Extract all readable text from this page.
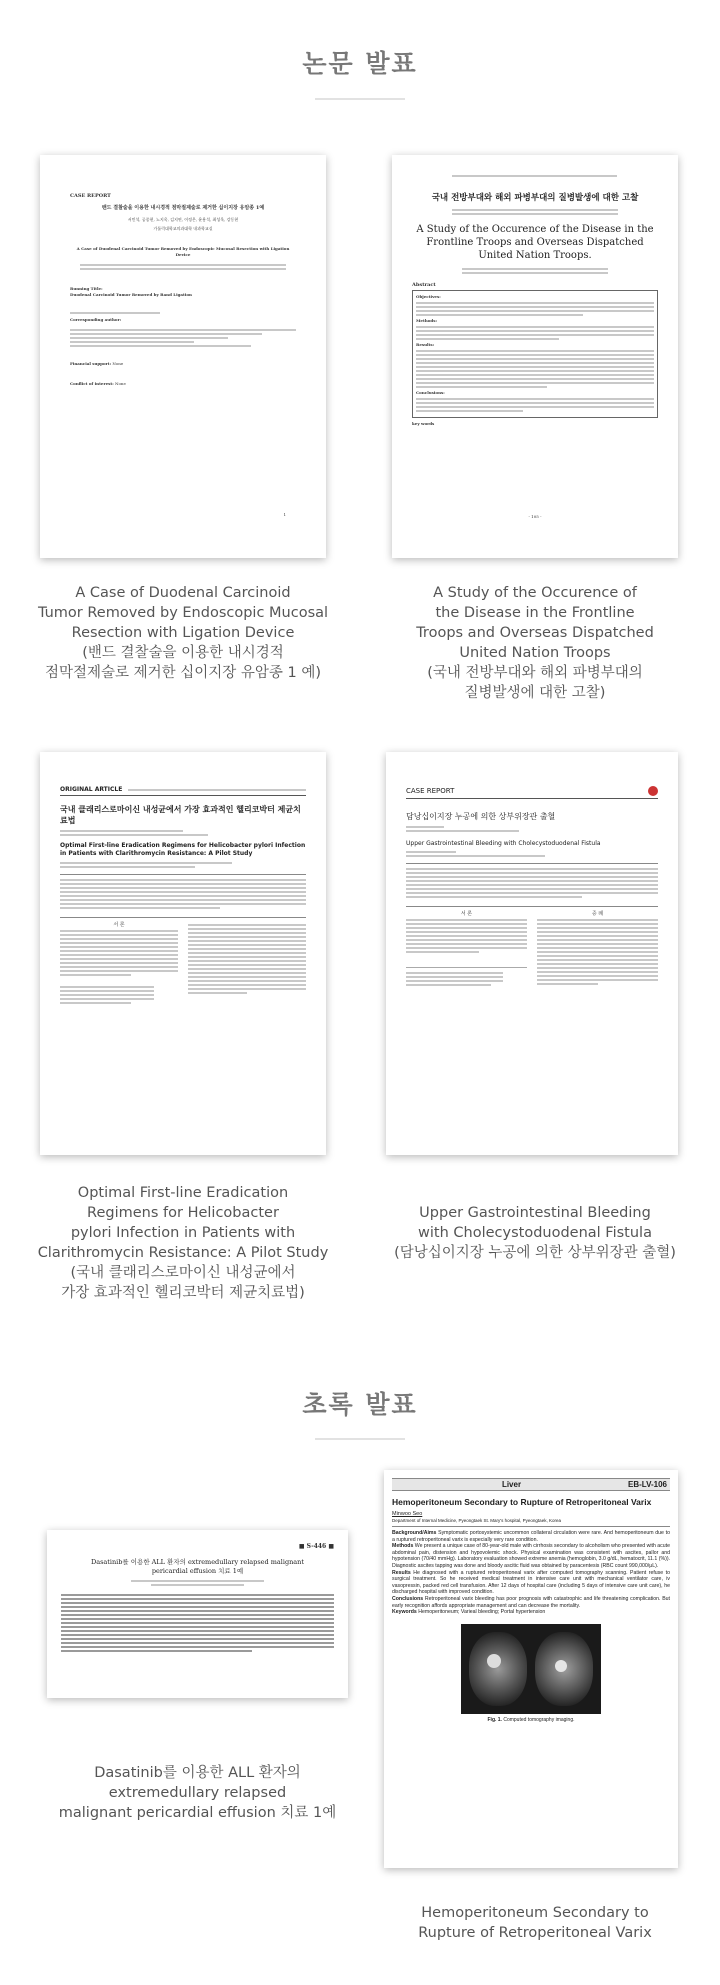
논문 발표
CASE REPORT
밴드 결찰술을 이용한 내시경적 점막절제술로 제거한 십이지장 유암종 1예
서민석, 공종현, 노지욱, 김지연, 이정은, 윤용석, 최성욱, 강동현
가톨릭대학교의과대학 내과학교실
A Case of Duodenal Carcinoid Tumor Removed by Endoscopic Mucosal Resection with Ligation Device
Running Title:
Duodenal Carcinoid Tumor Removed by Band Ligation
Corresponding author:
Financial support: None
Conflict of interest: None
1
A Case of Duodenal Carcinoid
Tumor Removed by Endoscopic Mucosal
Resection with Ligation Device
(밴드 결찰술을 이용한 내시경적
점막절제술로 제거한 십이지장 유암종 1 예)
국내 전방부대와 해외 파병부대의 질병발생에 대한 고찰
A Study of the Occurence of the Disease in the Frontline Troops and Overseas Dispatched United Nation Troops.
Abstract
Objectives:
Methods:
Results:
Conclusions:
key words
- 105 -
A Study of the Occurence of
the Disease in the Frontline
Troops and Overseas Dispatched
United Nation Troops
(국내 전방부대와 해외 파병부대의
질병발생에 대한 고찰)
ORIGINAL ARTICLE
국내 클래리스로마이신 내성균에서 가장 효과적인 헬리코박터 제균치료법
Optimal First-line Eradication Regimens for Helicobacter pylori Infection in Patients with Clarithromycin Resistance: A Pilot Study
서 론
Optimal First-line Eradication
Regimens for Helicobacter
pylori Infection in Patients with
Clarithromycin Resistance: A Pilot Study
(국내 클래리스로마이신 내성균에서
가장 효과적인 헬리코박터 제균치료법)
CASE REPORT
담낭십이지장 누공에 의한 상부위장관 출혈
Upper Gastrointestinal Bleeding with Cholecystoduodenal Fistula
서 론	증 례
Upper Gastrointestinal Bleeding
with Cholecystoduodenal Fistula
(담낭십이지장 누공에 의한 상부위장관 출혈)
초록 발표
■ S-446 ■
Dasatinib를 이용한 ALL 환자의 extremedullary relapsed malignant pericardial effusion 치료 1예
Dasatinib를 이용한 ALL 환자의
extremedullary relapsed
malignant pericardial effusion 치료 1예
Liver	EB-LV-106
Hemoperitoneum Secondary to Rupture of Retroperitoneal Varix
Minwoo Seo
Department of Internal Medicine, Pyeongtaek St. Mary's hospital, Pyeongtaek, Korea
Background/Aims Symptomatic portosystemic uncommon collateral circulation were rare. And hemoperitoneum due to a ruptured retroperitoneal varix is especially very rare condition.
Methods We present a unique case of 80-year-old male with cirrhosis secondary to alcoholism who presented with acute abdominal pain, distension and hypovolemic shock. Physical examination was consistent with ascites, pallor and hypotension (70/40 mmHg). Laboratory evaluation showed extreme anemia (hemoglobin, 3.0 g/dL, hematocrit, 11.1 (%)). Diagnostic ascites tapping was done and bloody ascitic fluid was obtained by paracentesis (RBC count 990,000/μL).
Results He diagnosed with a ruptured retroperitoneal varix after computed tomography scanning. Patient refuse to surgical treatment. So he received medical treatment in intensive care unit with mechanical ventilator care, iv vasopressin, packed red cell transfusion. After 12 days of hospital care (including 5 days of intensive care unit care), he discharged hospital with improved condition.
Conclusions Retroperitoneal varix bleeding has poor prognosis with catastrophic and life threatening complication. But early recognition affords appropriate management and can decrease the mortality.
Keywords Hemoperitoneum; Varieal bleeding; Portal hypertension
Fig. 1. Computed tomography imaging.
Hemoperitoneum Secondary to
Rupture of Retroperitoneal Varix
